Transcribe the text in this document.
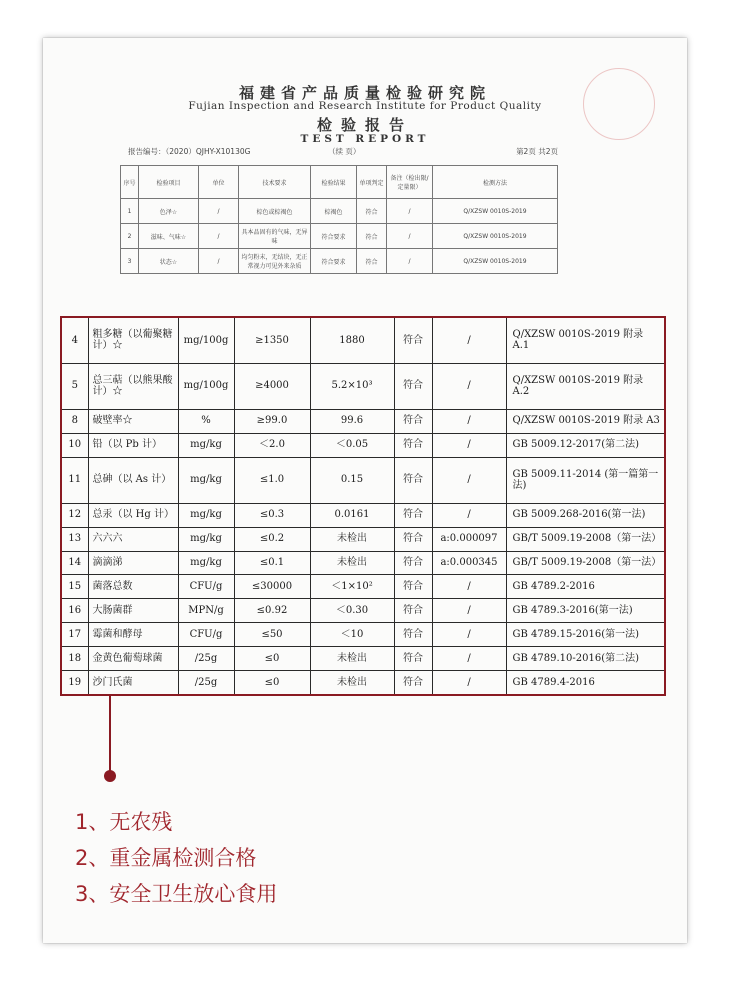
福建省产品质量检验研究院
Fujian Inspection and Research Institute for Product Quality
检验报告
TEST REPORT
报告编号：（2020）QJHY-X10130G	（续 页）	第2页 共2页
序号	检验项目	单位	技术要求	检验结果	单项判定	备注（检出限/定量限）	检测方法
1	色泽☆	/	棕色或棕褐色	棕褐色	符合	/	Q/XZSW 0010S-2019
2	滋味、气味☆	/	具本品固有的气味，无异味	符合要求	符合	/	Q/XZSW 0010S-2019
3	状态☆	/	均匀粉末，无结块，无正常视力可见外来杂质	符合要求	符合	/	Q/XZSW 0010S-2019
4	粗多糖（以葡聚糖计）☆	mg/100g	≥1350	1880	符合	/	Q/XZSW 0010S-2019 附录 A.1
5	总三萜（以熊果酸计）☆	mg/100g	≥4000	5.2×10³	符合	/	Q/XZSW 0010S-2019 附录 A.2
8	破壁率☆	%	≥99.0	99.6	符合	/	Q/XZSW 0010S-2019 附录 A3
10	铅（以 Pb 计）	mg/kg	＜2.0	＜0.05	符合	/	GB 5009.12-2017(第二法)
11	总砷（以 As 计）	mg/kg	≤1.0	0.15	符合	/	GB 5009.11-2014 (第一篇第一法)
12	总汞（以 Hg 计）	mg/kg	≤0.3	0.0161	符合	/	GB 5009.268-2016(第一法)
13	六六六	mg/kg	≤0.2	未检出	符合	a:0.000097	GB/T 5009.19-2008（第一法）
14	滴滴涕	mg/kg	≤0.1	未检出	符合	a:0.000345	GB/T 5009.19-2008（第一法）
15	菌落总数	CFU/g	≤30000	＜1×10²	符合	/	GB 4789.2-2016
16	大肠菌群	MPN/g	≤0.92	＜0.30	符合	/	GB 4789.3-2016(第一法)
17	霉菌和酵母	CFU/g	≤50	＜10	符合	/	GB 4789.15-2016(第一法)
18	金黄色葡萄球菌	/25g	≤0	未检出	符合	/	GB 4789.10-2016(第二法)
19	沙门氏菌	/25g	≤0	未检出	符合	/	GB 4789.4-2016
1、无农残
2、重金属检测合格
3、安全卫生放心食用
